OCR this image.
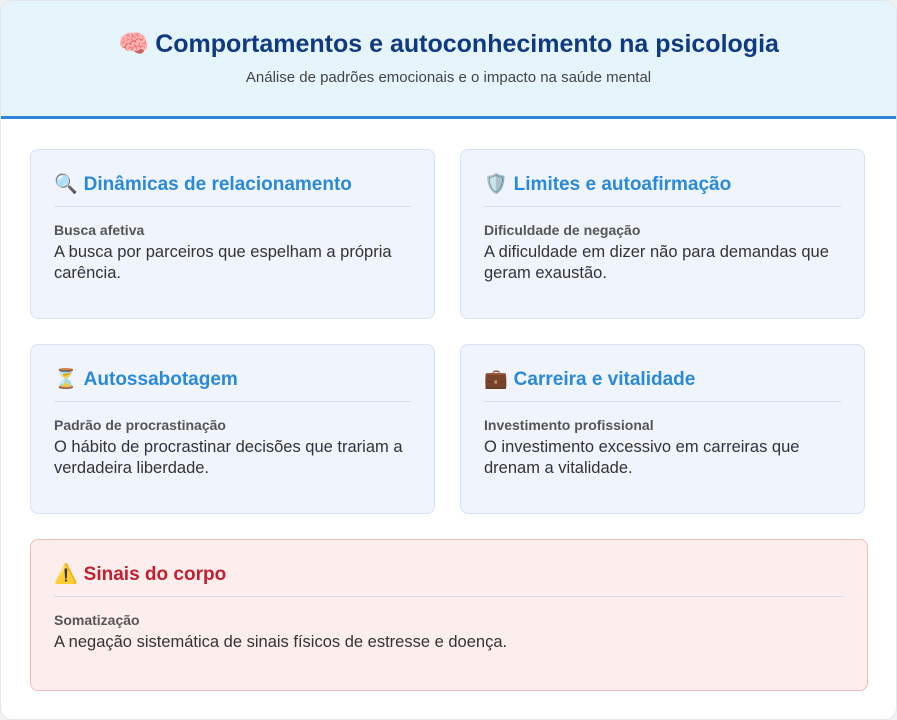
🧠 Comportamentos e autoconhecimento na psicologia
Análise de padrões emocionais e o impacto na saúde mental
🔍 Dinâmicas de relacionamento
Busca afetiva
A busca por parceiros que espelham a própria carência.
🛡️ Limites e autoafirmação
Dificuldade de negação
A dificuldade em dizer não para demandas que geram exaustão.
⏳ Autossabotagem
Padrão de procrastinação
O hábito de procrastinar decisões que trariam a verdadeira liberdade.
💼 Carreira e vitalidade
Investimento profissional
O investimento excessivo em carreiras que drenam a vitalidade.
⚠️ Sinais do corpo
Somatização
A negação sistemática de sinais físicos de estresse e doença.
